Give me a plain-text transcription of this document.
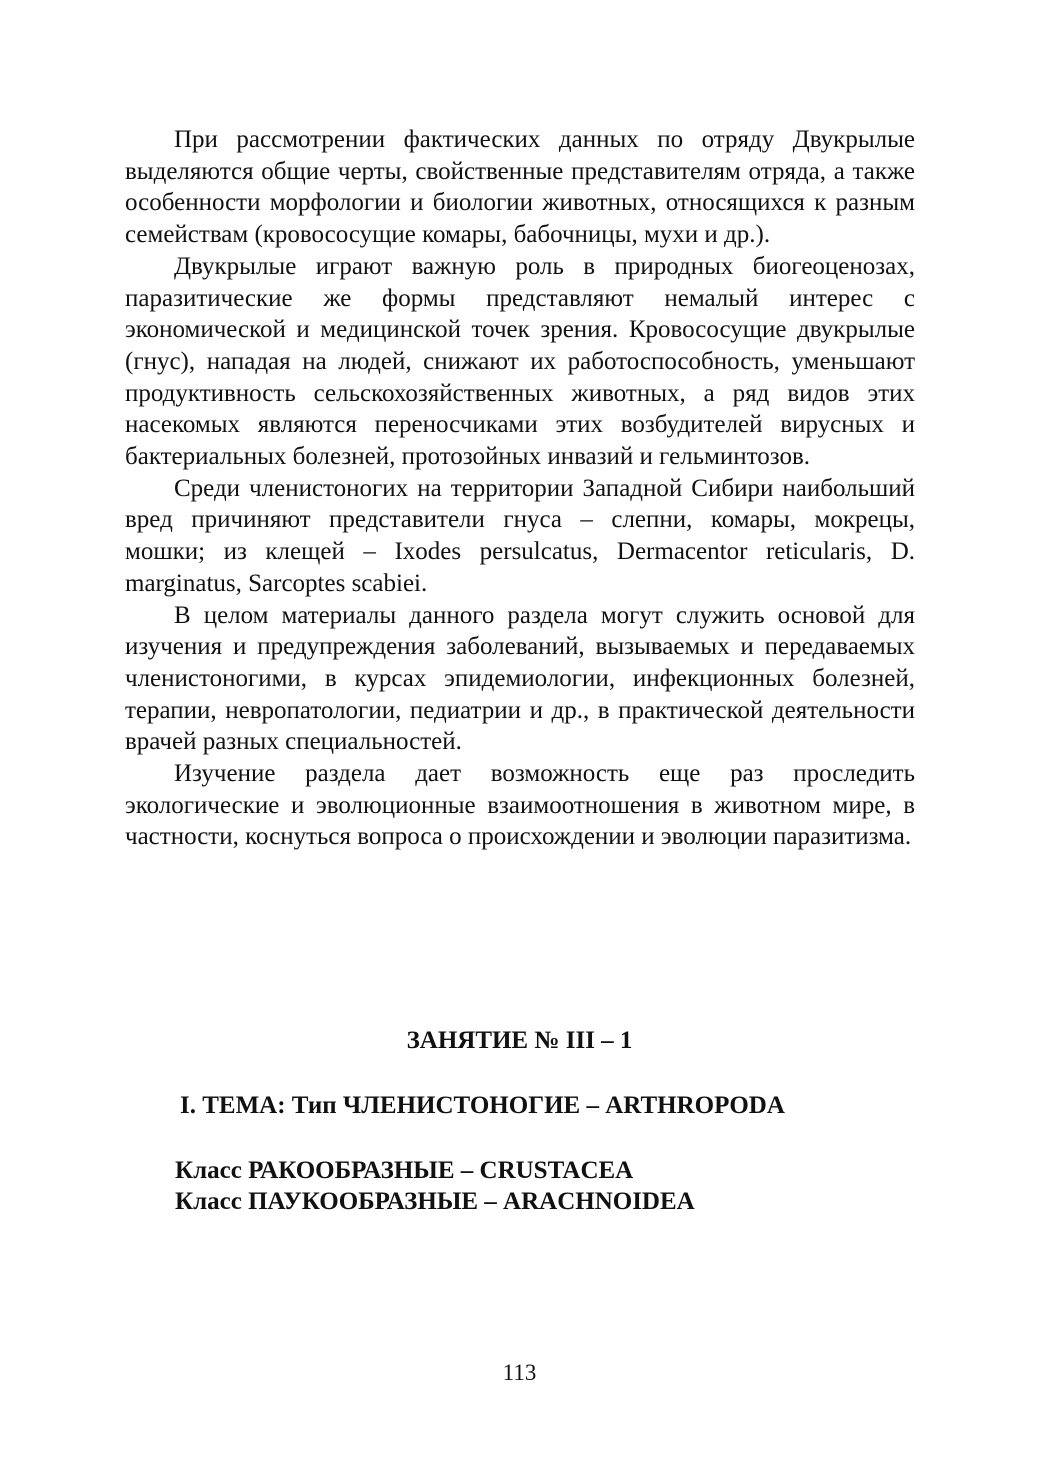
При рассмотрении фактических данных по отряду Двукрылые выделяются общие черты, свойственные представителям отряда, а также особенности морфологии и биологии животных, относящихся к разным семействам (кровососущие комары, бабочницы, мухи и др.).

Двукрылые играют важную роль в природных биогеоценозах, паразитические же формы представляют немалый интерес с экономической и медицинской точек зрения. Кровососущие двукрылые (гнус), нападая на людей, снижают их работоспособность, уменьшают продуктивность сельскохозяйственных животных, а ряд видов этих насекомых являются переносчиками этих возбудителей вирусных и бактериальных болезней, протозойных инвазий и гельминтозов.

Среди членистоногих на территории Западной Сибири наибольший вред причиняют представители гнуса – слепни, комары, мокрецы, мошки; из клещей – Ixodes persulcatus, Dermacentor reticularis, D. marginatus, Sarcoptes scabiei.

В целом материалы данного раздела могут служить основой для изучения и предупреждения заболеваний, вызываемых и передаваемых членистоногими, в курсах эпидемиологии, инфекционных болезней, терапии, невропатологии, педиатрии и др., в практической деятельности врачей разных специальностей.

Изучение раздела дает возможность еще раз проследить экологические и эволюционные взаимоотношения в животном мире, в частности, коснуться вопроса о происхождении и эволюции паразитизма.

ЗАНЯТИЕ № III – 1
I. ТЕМА: Тип ЧЛЕНИСТОНОГИЕ – ARTHROPODA
Класс РАКООБРАЗНЫЕ – CRUSTACEA
Класс ПАУКООБРАЗНЫЕ – ARACHNOIDEA
113
